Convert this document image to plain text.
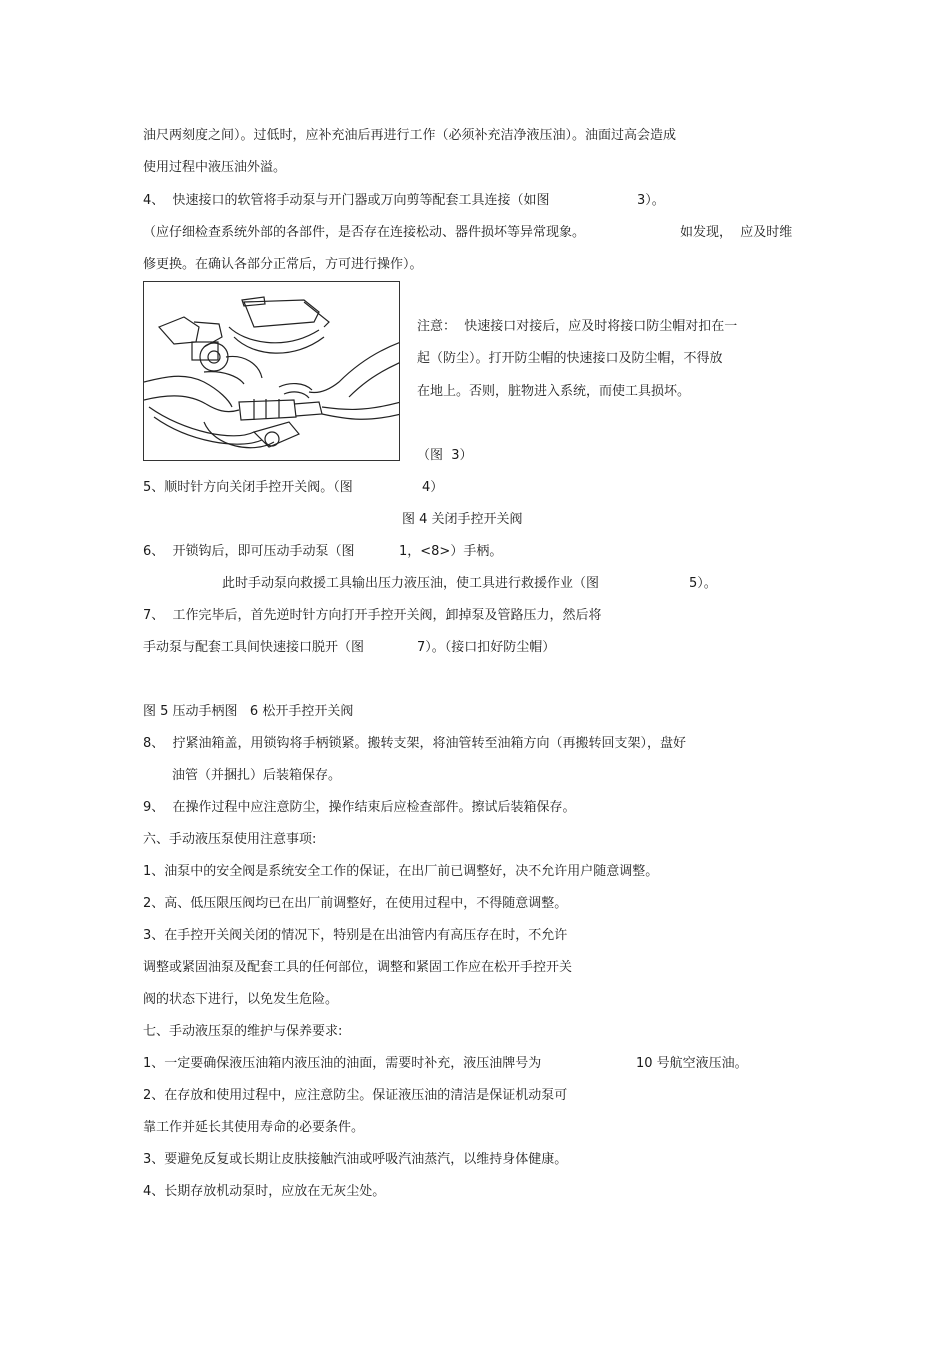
油尺两刻度之间）。过低时，应补充油后再进行工作（必须补充洁净液压油）。油面过高会造成
使用过程中液压油外溢。
4、  快速接口的软管将手动泵与开门器或万向剪等配套工具连接（如图	3）。
（应仔细检查系统外部的各部件，是否存在连接松动、器件损坏等异常现象。	如发现，  应及时维
修更换。在确认各部分正常后，方可进行操作）。
注意：  快速接口对接后，应及时将接口防尘帽对扣在一
起（防尘）。打开防尘帽的快速接口及防尘帽，不得放
在地上。否则，脏物进入系统，而使工具损坏。
（图  3）
5、顺时针方向关闭手控开关阀。（图	4）
图 4 关闭手控开关阀
6、  开锁钩后，即可压动手动泵（图	1，<8>）手柄。
此时手动泵向救援工具输出压力液压油，使工具进行救援作业（图	5）。
7、  工作完毕后，首先逆时针方向打开手控开关阀，卸掉泵及管路压力，然后将
手动泵与配套工具间快速接口脱开（图	7）。（接口扣好防尘帽）
图 5 压动手柄图   6 松开手控开关阀
8、  拧紧油箱盖，用锁钩将手柄锁紧。搬转支架，将油管转至油箱方向（再搬转回支架），盘好
油管（并捆扎）后装箱保存。
9、  在操作过程中应注意防尘，操作结束后应检查部件。擦试后装箱保存。
六、手动液压泵使用注意事项:
1、油泵中的安全阀是系统安全工作的保证，在出厂前已调整好，决不允许用户随意调整。
2、高、低压限压阀均已在出厂前调整好，在使用过程中，不得随意调整。
3、在手控开关阀关闭的情况下，特别是在出油管内有高压存在时，不允许
调整或紧固油泵及配套工具的任何部位，调整和紧固工作应在松开手控开关
阀的状态下进行，以免发生危险。
七、手动液压泵的维护与保养要求:
1、一定要确保液压油箱内液压油的油面，需要时补充，液压油牌号为	10 号航空液压油。
2、在存放和使用过程中，应注意防尘。保证液压油的清洁是保证机动泵可
靠工作并延长其使用寿命的必要条件。
3、要避免反复或长期让皮肤接触汽油或呼吸汽油蒸汽，以维持身体健康。
4、长期存放机动泵时，应放在无灰尘处。
